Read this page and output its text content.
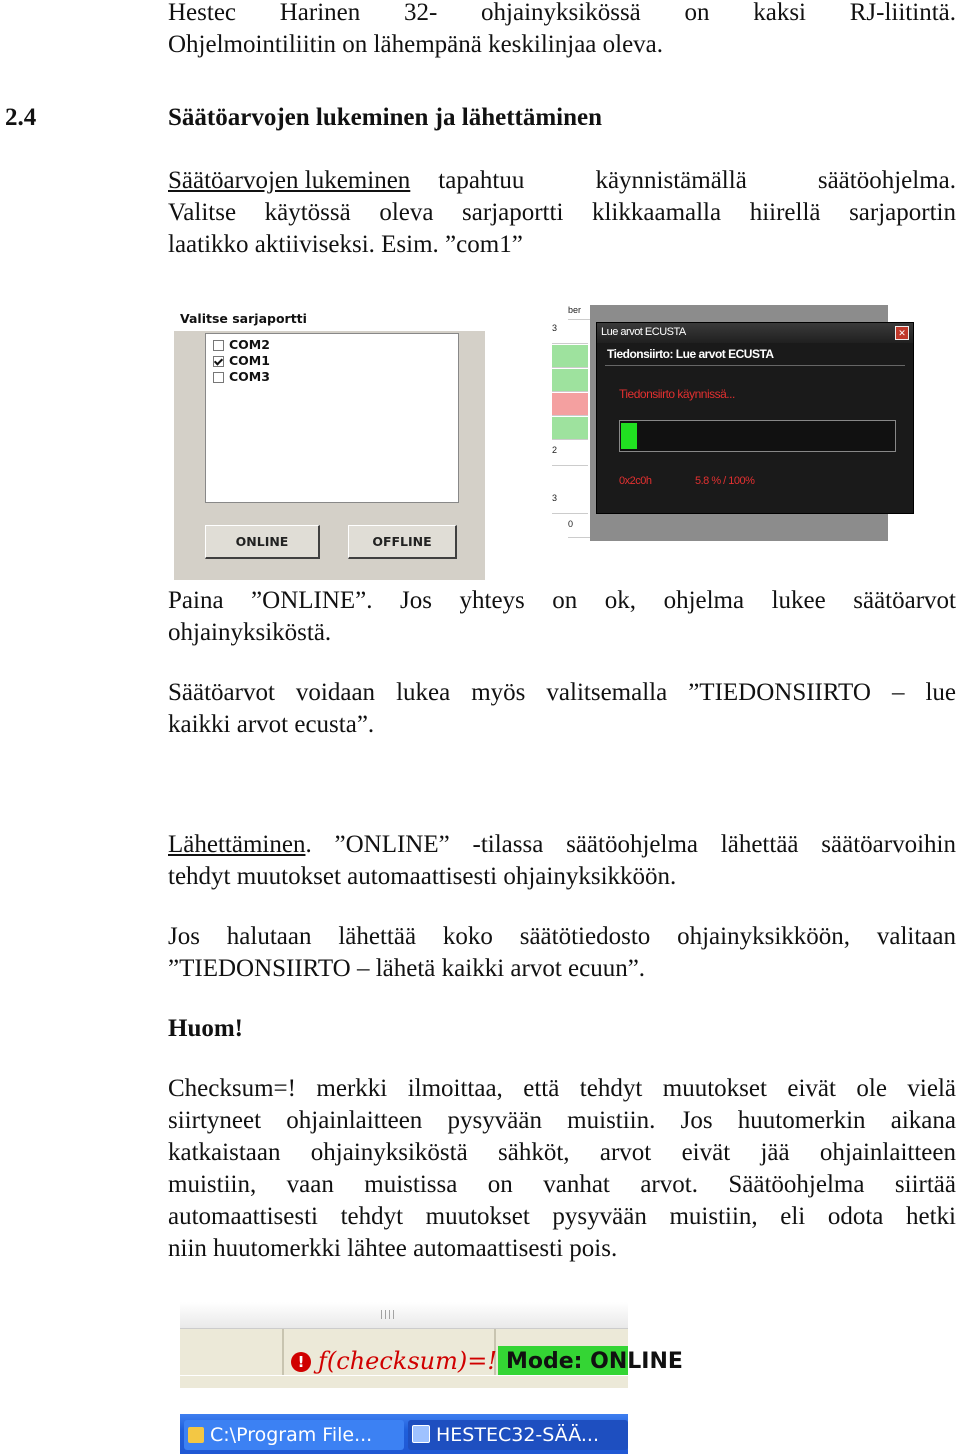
Hestec Harinen 32- ohjainyksikössä on kaksi RJ-liitintä.
Ohjelmointiliitin on lähempänä keskilinjaa oleva.
2.4	Säätöarvojen lukeminen ja lähettäminen
Säätöarvojen lukeminen tapahtuu käynnistämällä säätöohjelma.
Valitse käytössä oleva sarjaportti klikkaamalla hiirellä sarjaportin
laatikko aktiiviseksi. Esim. ”com1”
Valitse sarjaportti
COM2
COM1
COM3
ONLINE	OFFLINE
ber
3
2
3
0
Lue arvot ECUSTA	✕
Tiedonsiirto: Lue arvot ECUSTA
Tiedonsiirto käynnissä...
0x2c0h	5.8 % / 100%
Paina ”ONLINE”. Jos yhteys on ok, ohjelma lukee säätöarvot
ohjainyksiköstä.
Säätöarvot voidaan lukea myös valitsemalla ”TIEDONSIIRTO – lue
kaikki arvot ecusta”.
Lähettäminen . ”ONLINE” -tilassa säätöohjelma lähettää säätöarvoihin
tehdyt muutokset automaattisesti ohjainyksikköön.
Jos halutaan lähettää koko säätötiedosto ohjainyksikköön, valitaan
”TIEDONSIIRTO – lähetä kaikki arvot ecuun”.
Huom!
Checksum=! merkki ilmoittaa, että tehdyt muutokset eivät ole vielä
siirtyneet ohjainlaitteen pysyvään muistiin. Jos huutomerkin aikana
katkaistaan ohjainyksiköstä sähköt, arvot eivät jää ohjainlaitteen
muistiin, vaan muistissa on vanhat arvot. Säätöohjelma siirtää
automaattisesti tehdyt muutokset pysyvään muistiin, eli odota hetki
niin huutomerkki lähtee automaattisesti pois.
||||
! ƒ(checksum)=! Mode: ONLINE
C:\Program File...	HESTEC32-SÄÄ...
